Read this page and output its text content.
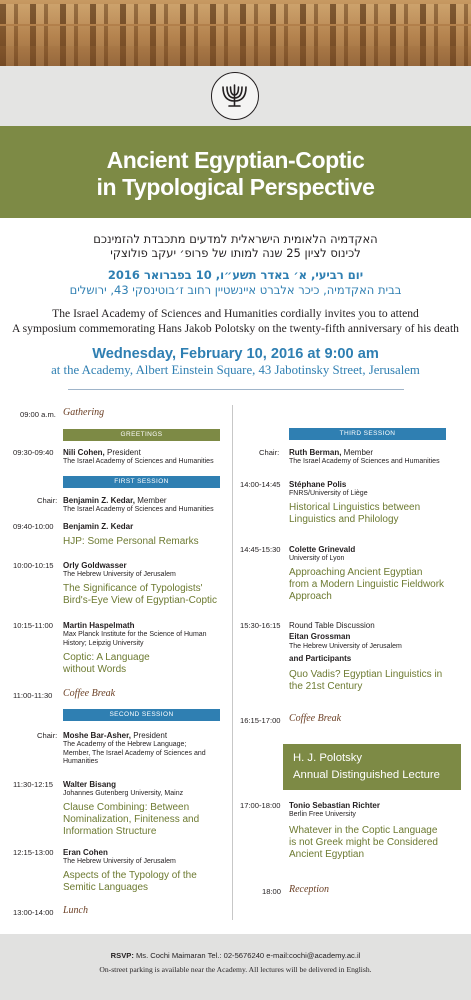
Ancient Egyptian-Coptic
in Typological Perspective
האקדמיה הלאומית הישראלית למדעים מתכבדת להזמינכם
לכינוס לציון 25 שנה למותו של פרופ׳ יעקב פולוצקי
יום רביעי, א׳ באדר תשע״ו, 10 בפברואר 2016
בבית האקדמיה, כיכר אלברט איינשטיין רחוב ז׳בוטינסקי 43, ירושלים
The Israel Academy of Sciences and Humanities cordially invites you to attend
A symposium commemorating Hans Jakob Polotsky on the twenty-fifth anniversary of his death
Wednesday, February 10, 2016 at 9:00 am
at the Academy, Albert Einstein Square, 43 Jabotinsky Street, Jerusalem
09:00 a.m. Gathering
GREETINGS
09:30-09:40 Nili Cohen, President
The Israel Academy of Sciences and Humanities
FIRST SESSION
Chair: Benjamin Z. Kedar, Member
The Israel Academy of Sciences and Humanities
09:40-10:00 Benjamin Z. Kedar
HJP: Some Personal Remarks
10:00-10:15 Orly Goldwasser
The Hebrew University of Jerusalem
The Significance of Typologists'
Bird's-Eye View of Egyptian-Coptic
10:15-11:00 Martin Haspelmath
Max Planck Institute for the Science of Human
History; Leipzig University
Coptic: A Language
without Words
11:00-11:30 Coffee Break
SECOND SESSION
Chair: Moshe Bar-Asher, President
The Academy of the Hebrew Language;
Member, The Israel Academy of Sciences and
Humanities
11:30-12:15 Walter Bisang
Johannes Gutenberg University, Mainz
Clause Combining: Between
Nominalization, Finiteness and
Information Structure
12:15-13:00 Eran Cohen
The Hebrew University of Jerusalem
Aspects of the Typology of the
Semitic Languages
13:00-14:00 Lunch
THIRD SESSION
Chair: Ruth Berman, Member
The Israel Academy of Sciences and Humanities
14:00-14:45 Stéphane Polis
FNRS/University of Liège
Historical Linguistics between
Linguistics and Philology
14:45-15:30 Colette Grinevald
University of Lyon
Approaching Ancient Egyptian
from a Modern Linguistic Fieldwork
Approach
15:30-16:15 Round Table Discussion
Eitan Grossman
The Hebrew University of Jerusalem
and Participants
Quo Vadis? Egyptian Linguistics in
the 21st Century
16:15-17:00 Coffee Break
H. J. Polotsky
Annual Distinguished Lecture
17:00-18:00 Tonio Sebastian Richter
Berlin Free University
Whatever in the Coptic Language
is not Greek might be Considered
Ancient Egyptian
18:00 Reception
RSVP: Ms. Cochi Maimaran Tel.: 02-5676240 e-mail:cochi@academy.ac.il
On-street parking is available near the Academy. All lectures will be delivered in English.
